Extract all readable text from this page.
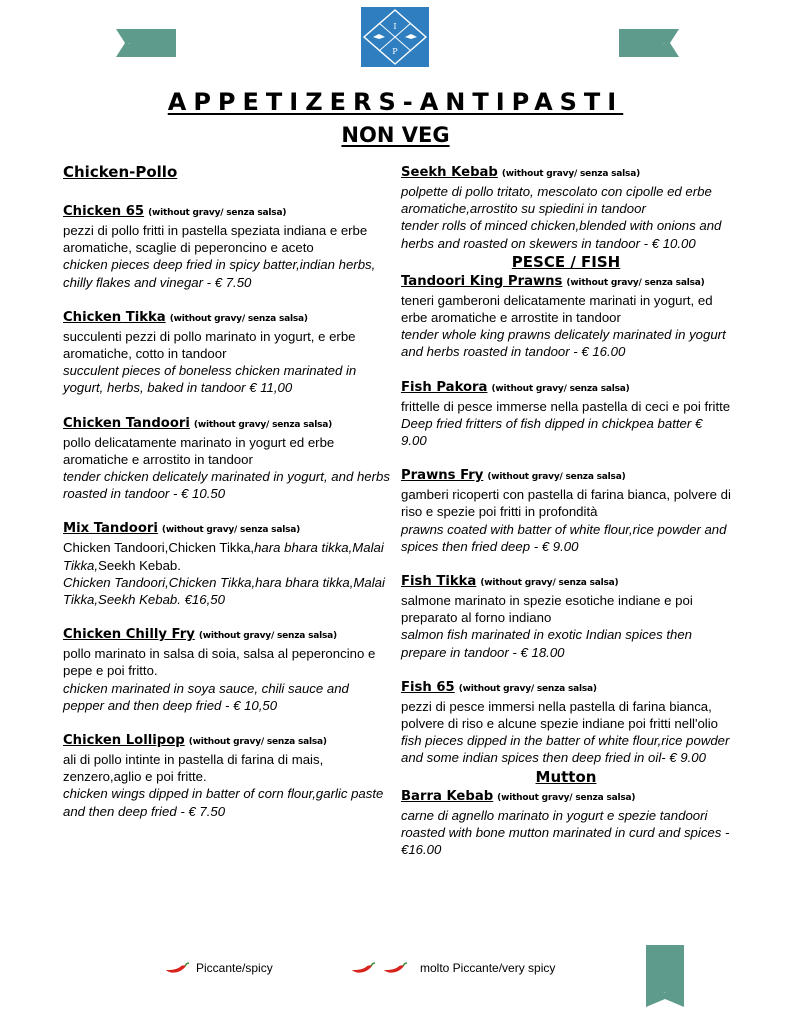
·	·
I
P
APPETIZERS-ANTIPASTI
NON VEG
Chicken-Pollo
Chicken 65 (without gravy/ senza salsa)
pezzi di pollo fritti in pastella speziata indiana e erbe aromatiche, scaglie di peperoncino e aceto
chicken pieces deep fried in spicy batter,indian herbs, chilly flakes and vinegar - € 7.50
Chicken Tikka (without gravy/ senza salsa)
succulenti pezzi di pollo marinato in yogurt, e erbe aromatiche, cotto in tandoor
succulent pieces of boneless chicken marinated in yogurt, herbs, baked in tandoor € 11,00
Chicken Tandoori (without gravy/ senza salsa)
pollo delicatamente marinato in yogurt ed erbe aromatiche e arrostito in tandoor
tender chicken delicately marinated in yogurt, and herbs roasted in tandoor - € 10.50
Mix Tandoori (without gravy/ senza salsa)
Chicken Tandoori,Chicken Tikka,hara bhara tikka,Malai Tikka,Seekh Kebab.
Chicken Tandoori,Chicken Tikka,hara bhara tikka,Malai Tikka,Seekh Kebab. €16,50
Chicken Chilly Fry (without gravy/ senza salsa)
pollo marinato in salsa di soia, salsa al peperoncino e pepe e poi fritto.
chicken marinated in soya sauce, chili sauce and pepper and then deep fried - € 10,50
Chicken Lollipop (without gravy/ senza salsa)
ali di pollo intinte in pastella di farina di mais, zenzero,aglio e poi fritte.
chicken wings dipped in batter of corn flour,garlic paste and then deep fried - € 7.50
Seekh Kebab (without gravy/ senza salsa)
polpette di pollo tritato, mescolato con cipolle ed erbe aromatiche,arrostito su spiedini in tandoor
tender rolls of minced chicken,blended with onions and herbs and roasted on skewers in tandoor - € 10.00
PESCE / FISH
Tandoori King Prawns (without gravy/ senza salsa)
teneri gamberoni delicatamente marinati in yogurt, ed erbe aromatiche e arrostite in tandoor
tender whole king prawns delicately marinated in yogurt and herbs roasted in tandoor - € 16.00
Fish Pakora (without gravy/ senza salsa)
frittelle di pesce immerse nella pastella di ceci e poi fritte
Deep fried fritters of fish dipped in chickpea batter € 9.00
Prawns Fry (without gravy/ senza salsa)
gamberi ricoperti con pastella di farina bianca, polvere di riso e spezie poi fritti in profondità
prawns coated with batter of white flour,rice powder and spices then fried deep - € 9.00
Fish Tikka (without gravy/ senza salsa)
salmone marinato in spezie esotiche indiane e poi preparato al forno indiano
salmon fish marinated in exotic Indian spices then prepare in tandoor - € 18.00
Fish 65 (without gravy/ senza salsa)
pezzi di pesce immersi nella pastella di farina bianca, polvere di riso e alcune spezie indiane poi fritti nell'olio
fish pieces dipped in the batter of white flour,rice powder and some indian spices then deep fried in oil- € 9.00
Mutton
Barra Kebab (without gravy/ senza salsa)
carne di agnello marinato in yogurt e spezie tandoori roasted with bone mutton marinated in curd and spices - €16.00
Piccante/spicy	molto Piccante/very spicy
·
